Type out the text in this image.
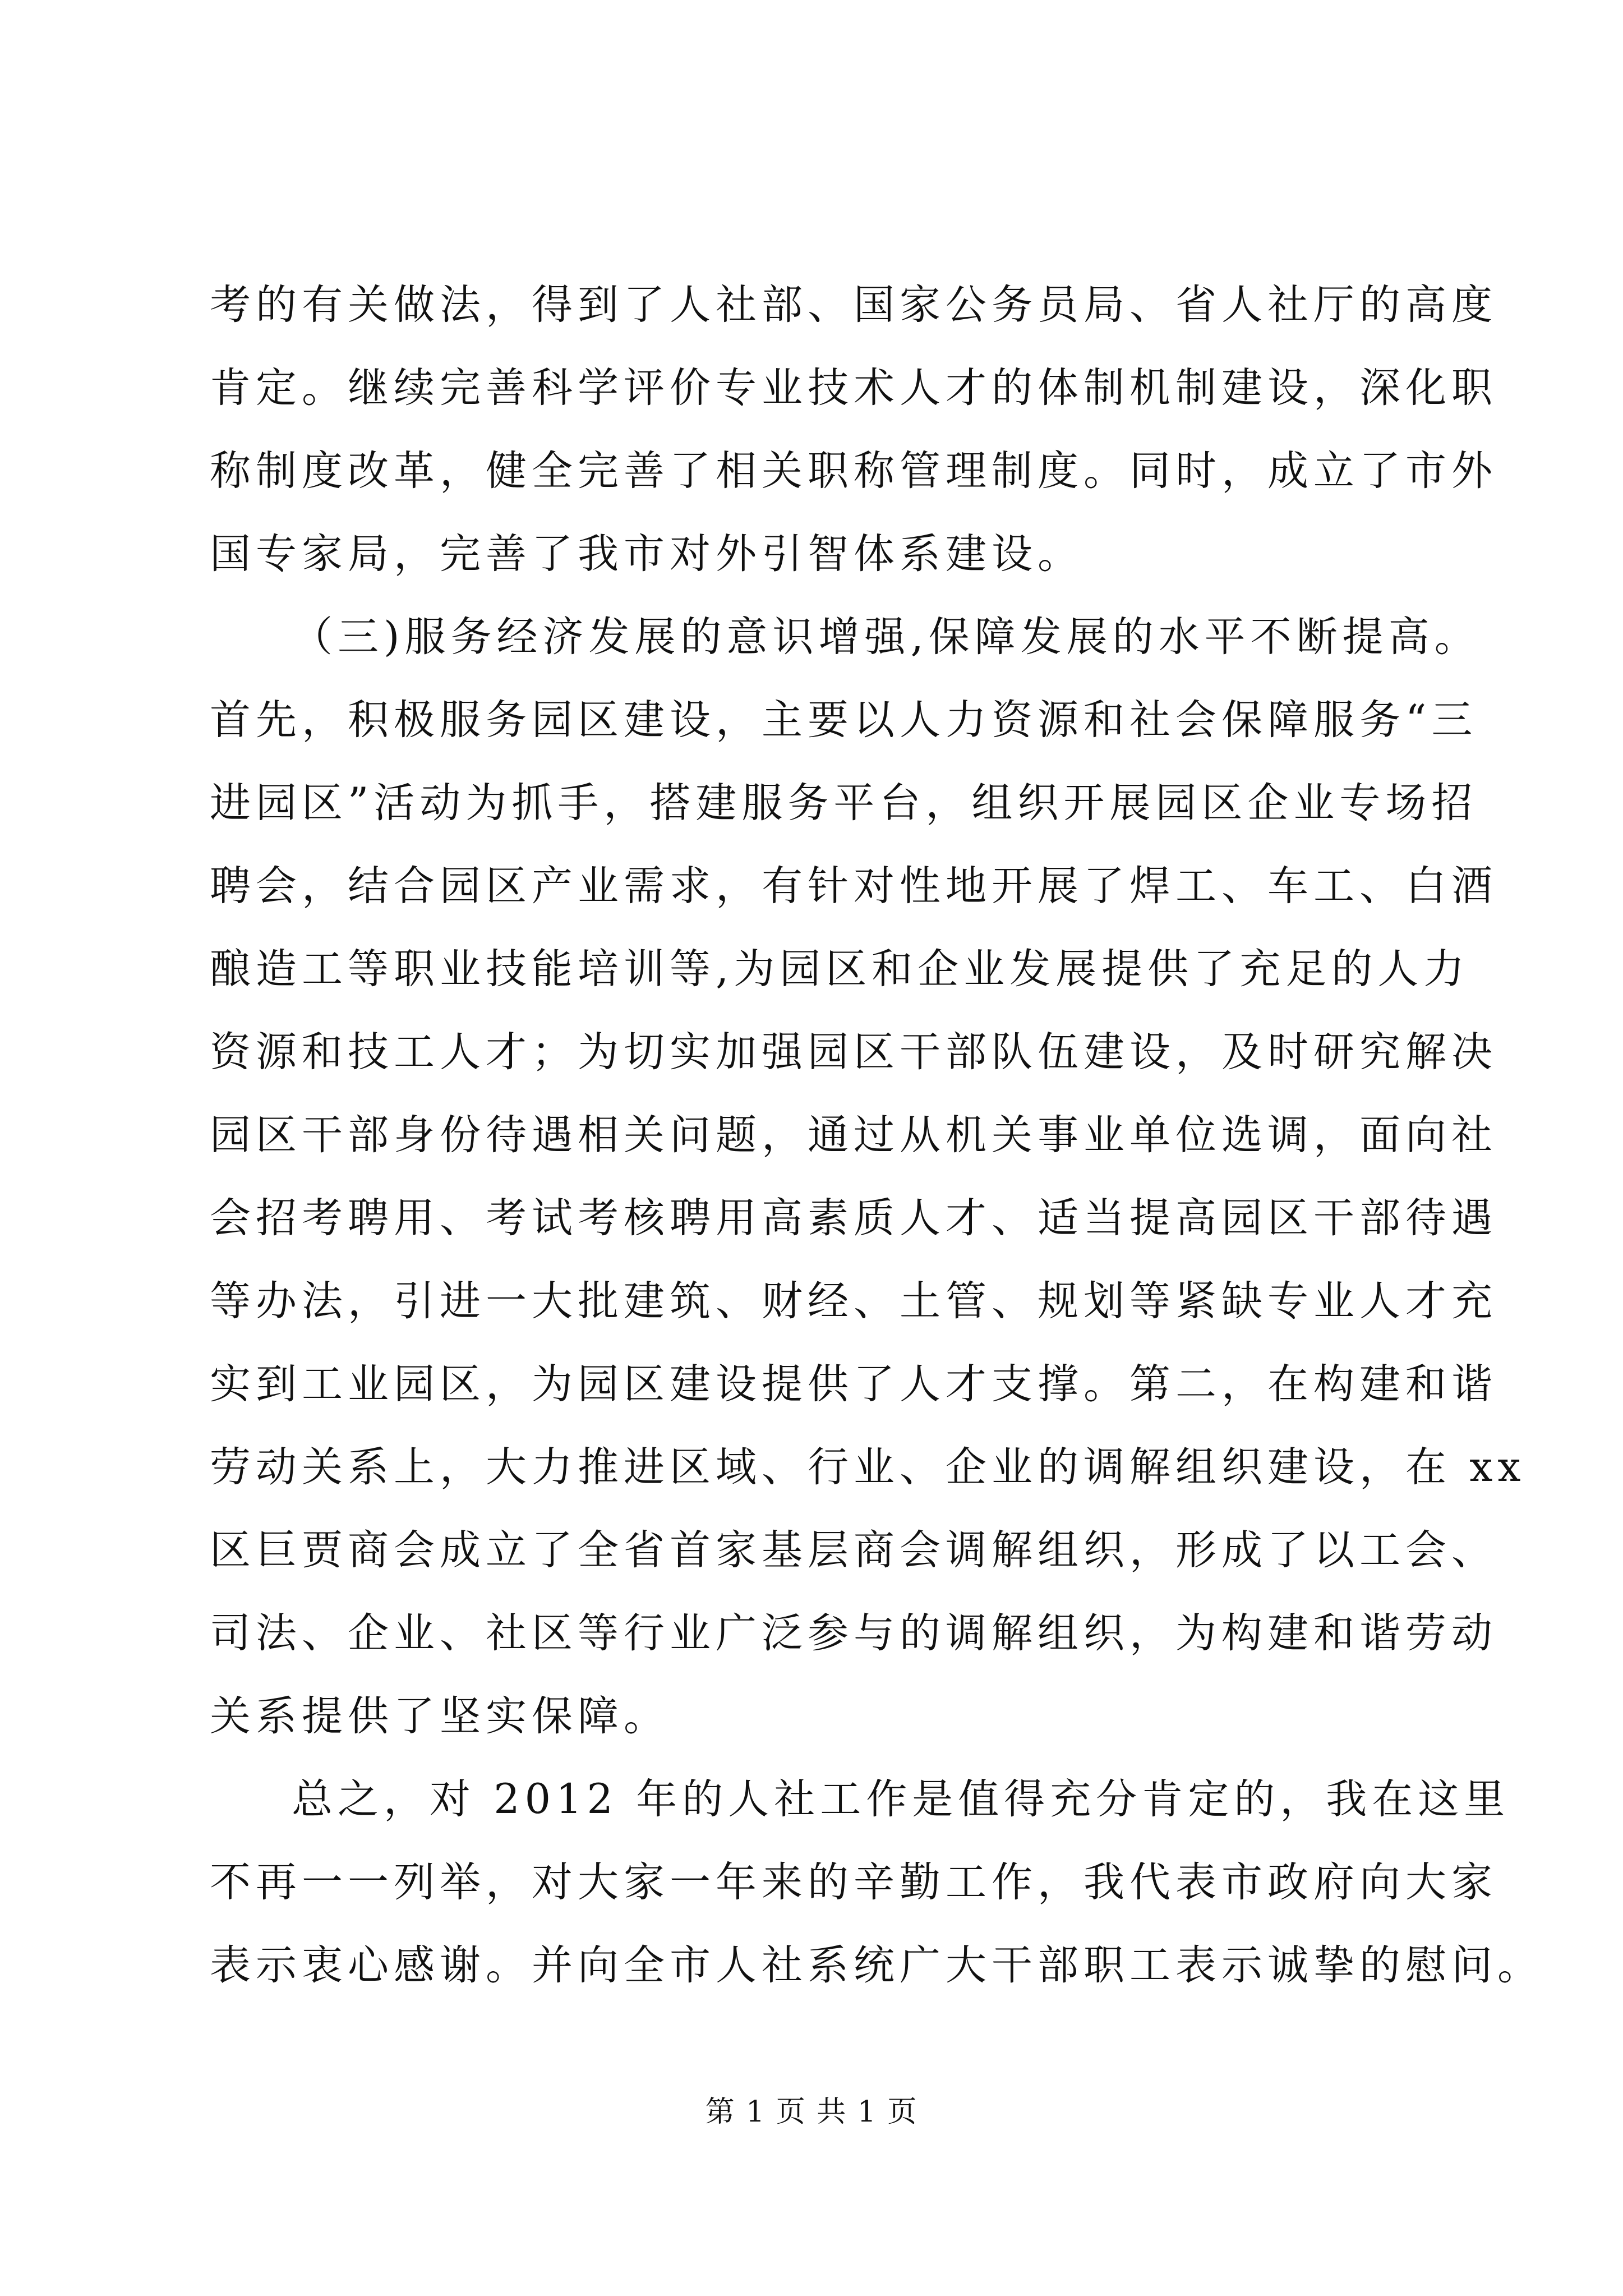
考的有关做法，得到了人社部、国家公务员局、省人社厅的高度
肯定。继续完善科学评价专业技术人才的体制机制建设，深化职
称制度改革，健全完善了相关职称管理制度。同时，成立了市外
国专家局，完善了我市对外引智体系建设。
（三)服务经济发展的意识增强,保障发展的水平不断提高。
首先，积极服务园区建设，主要以人力资源和社会保障服务“三
进园区”活动为抓手，搭建服务平台，组织开展园区企业专场招
聘会，结合园区产业需求，有针对性地开展了焊工、车工、白酒
酿造工等职业技能培训等,为园区和企业发展提供了充足的人力
资源和技工人才；为切实加强园区干部队伍建设，及时研究解决
园区干部身份待遇相关问题，通过从机关事业单位选调，面向社
会招考聘用、考试考核聘用高素质人才、适当提高园区干部待遇
等办法，引进一大批建筑、财经、土管、规划等紧缺专业人才充
实到工业园区，为园区建设提供了人才支撑。第二，在构建和谐
劳动关系上，大力推进区域、行业、企业的调解组织建设，在 xx
区巨贾商会成立了全省首家基层商会调解组织，形成了以工会、
司法、企业、社区等行业广泛参与的调解组织，为构建和谐劳动
关系提供了坚实保障。
总之，对 2012 年的人社工作是值得充分肯定的，我在这里
不再一一列举，对大家一年来的辛勤工作，我代表市政府向大家
表示衷心感谢。并向全市人社系统广大干部职工表示诚挚的慰问。
第 1 页 共 1 页
